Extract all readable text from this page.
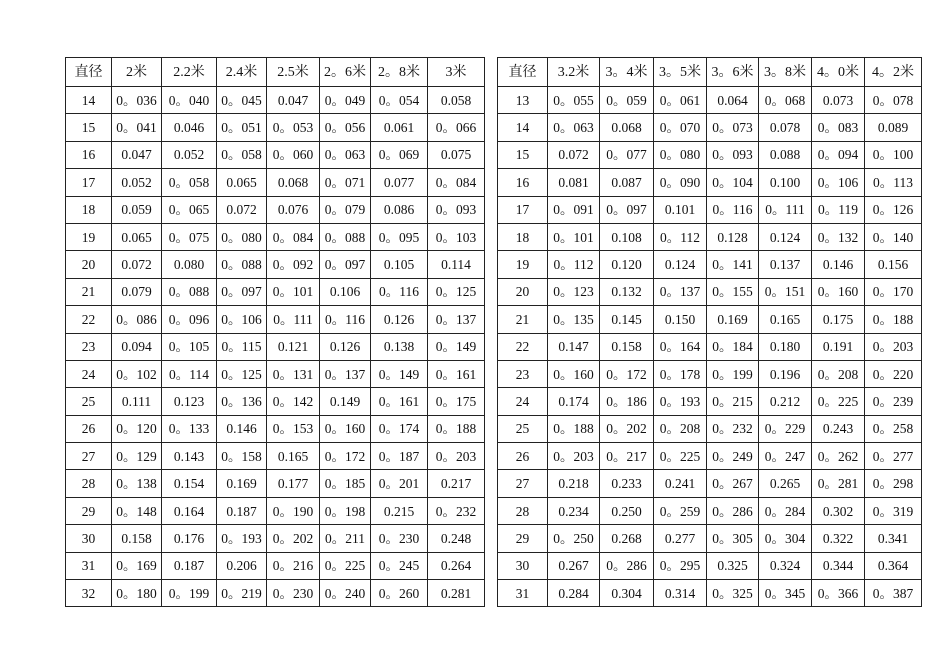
直径	2米	2.2米	2.4米	2.5米	2。6米	2。8米	3米
14	0。036	0。040	0。045	0.047	0。049	0。054	0.058
15	0。041	0.046	0。051	0。053	0。056	0.061	0。066
16	0.047	0.052	0。058	0。060	0。063	0。069	0.075
17	0.052	0。058	0.065	0.068	0。071	0.077	0。084
18	0.059	0。065	0.072	0.076	0。079	0.086	0。093
19	0.065	0。075	0。080	0。084	0。088	0。095	0。103
20	0.072	0.080	0。088	0。092	0。097	0.105	0.114
21	0.079	0。088	0。097	0。101	0.106	0。116	0。125
22	0。086	0。096	0。106	0。111	0。116	0.126	0。137
23	0.094	0。105	0。115	0.121	0.126	0.138	0。149
24	0。102	0。114	0。125	0。131	0。137	0。149	0。161
25	0.111	0.123	0。136	0。142	0.149	0。161	0。175
26	0。120	0。133	0.146	0。153	0。160	0。174	0。188
27	0。129	0.143	0。158	0.165	0。172	0。187	0。203
28	0。138	0.154	0.169	0.177	0。185	0。201	0.217
29	0。148	0.164	0.187	0。190	0。198	0.215	0。232
30	0.158	0.176	0。193	0。202	0。211	0。230	0.248
31	0。169	0.187	0.206	0。216	0。225	0。245	0.264
32	0。180	0。199	0。219	0。230	0。240	0。260	0.281
直径	3.2米	3。4米	3。5米	3。6米	3。8米	4。0米	4。2米
13	0。055	0。059	0。061	0.064	0。068	0.073	0。078
14	0。063	0.068	0。070	0。073	0.078	0。083	0.089
15	0.072	0。077	0。080	0。093	0.088	0。094	0。100
16	0.081	0.087	0。090	0。104	0.100	0。106	0。113
17	0。091	0。097	0.101	0。116	0。111	0。119	0。126
18	0。101	0.108	0。112	0.128	0.124	0。132	0。140
19	0。112	0.120	0.124	0。141	0.137	0.146	0.156
20	0。123	0.132	0。137	0。155	0。151	0。160	0。170
21	0。135	0.145	0.150	0.169	0.165	0.175	0。188
22	0.147	0.158	0。164	0。184	0.180	0.191	0。203
23	0。160	0。172	0。178	0。199	0.196	0。208	0。220
24	0.174	0。186	0。193	0。215	0.212	0。225	0。239
25	0。188	0。202	0。208	0。232	0。229	0.243	0。258
26	0。203	0。217	0。225	0。249	0。247	0。262	0。277
27	0.218	0.233	0.241	0。267	0.265	0。281	0。298
28	0.234	0.250	0。259	0。286	0。284	0.302	0。319
29	0。250	0.268	0.277	0。305	0。304	0.322	0.341
30	0.267	0。286	0。295	0.325	0.324	0.344	0.364
31	0.284	0.304	0.314	0。325	0。345	0。366	0。387
